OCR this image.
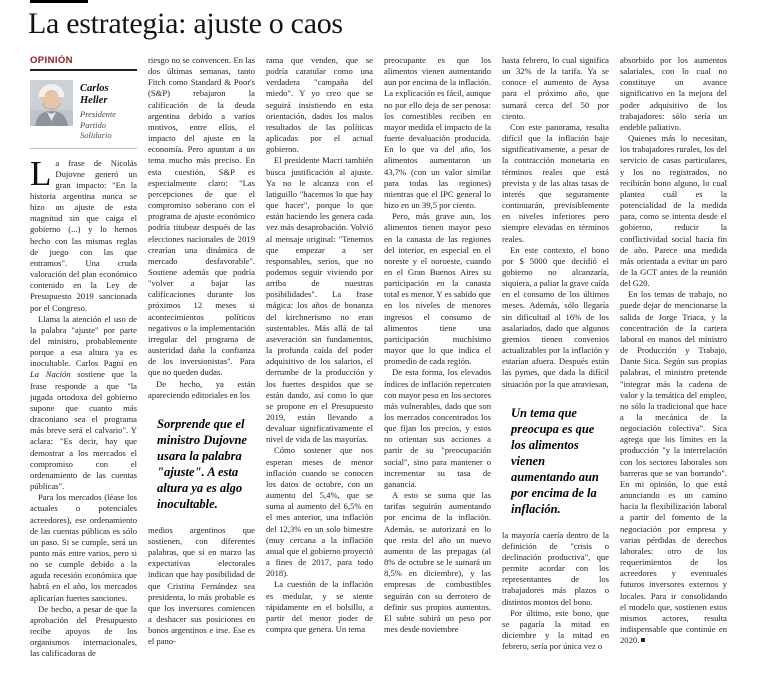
La estrategia: ajuste o caos
OPINIÓN
Carlos Heller
Presidente
Partido Solidario

La frase de Nicolás Dujovne generó un gran impacto: "En la historia argentina nunca se hizo un ajuste de esta magnitud sin que caiga el gobierno (...) y lo hemos hecho con las mismas reglas de juego con las que entramos". Una cruda valoración del plan económico contenido en la Ley de Presupuesto 2019 sancionada por el Congreso.

Llama la atención el uso de la palabra "ajuste" por parte del ministro, probablemente porque a esa altura ya es inocultable. Carlos Pagni en La Nación sostiene que la frase responde a que "la jugada ortodoxa del gobierno supone que cuanto más draconiano sea el programa más breve será el calvario". Y aclara: "Es decir, hay que demostrar a los mercados el compromiso con el ordenamiento de las cuentas públicas".

Para los mercados (léase los actuales o potenciales acreedores), ese ordenamiento de las cuentas públicas es sólo un paso. Si se cumple, será un punto más entre varios, pero si no se cumple debido a la aguda recesión económica que habrá en el año, los mercados aplicarían fuertes sanciones.

De hecho, a pesar de que la aprobación del Presupuesto recibe apoyos de los organismos internacionales, las calificadoras de

riesgo no se convencen. En las dos últimas semanas, tanto Fitch como Standard & Poor's (S&P) rebajaron la calificación de la deuda argentina debido a varios motivos, entre ellos, el impacto del ajuste en la economía. Pero apuntan a un tema mucho más preciso. En esta cuestión, S&P es especialmente claro: "Las percepciones de que el compromiso soberano con el programa de ajuste económico podría titubear después de las elecciones nacionales de 2019 crearían una dinámica de mercado desfavorable". Sostiene además que podría "volver a bajar las calificaciones durante los próximos 12 meses si acontecimientos políticos negativos o la implementación irregular del programa de austeridad daña la confianza de los inversionistas". Para que no queden dudas.

De hecho, ya están apareciendo editoriales en los

Sorprende que el ministro Dujovne usara la palabra "ajuste". A esta altura ya es algo inocultable.

medios argentinos que sostienen, con diferentes palabras, que si en marzo las expectativas electorales indican que hay posibilidad de que Cristina Fernández sea presidenta, lo más probable es que los inversores comiencen a deshacer sus posiciones en bonos argentinos e irse. Ese es el pano-

rama que venden, que se podría caratular como una verdadera "campaña del miedo". Y yo creo que se seguirá insistiendo en esta orientación, dados los malos resultados de las políticas aplicadas por el actual gobierno.

El presidente Macri también busca justificación al ajuste. Ya no le alcanza con el latiguillo "hacemos lo que hay que hacer", porque lo que están haciendo les genera cada vez más desaprobación. Volvió al mensaje original: "Tenemos que empezar a ser responsables, serios, que no podemos seguir viviendo por arriba de nuestras posibilidades". La frase mágica: los años de bonanza del kirchnerismo no eran sustentables. Más allá de tal aseveración sin fundamentos, la profunda caída del poder adquisitivo de los salarios, el derrumbe de la producción y los fuertes despidos que se están dando, así como lo que se propone en el Presupuesto 2019, están llevando a devaluar significativamente el nivel de vida de las mayorías.

Cómo sostener que nos esperan meses de menor inflación cuando se conocen los datos de octubre, con un aumento del 5,4%, que se suma al aumento del 6,5% en el mes anterior, una inflación del 12,3% en un solo bimestre (muy cercana a la inflación anual que el gobierno proyectó a fines de 2017, para todo 2018).

La cuestión de la inflación es medular, y se siente rápidamente en el bolsillo, a partir del menor poder de compra que genera. Un tema

preocupante es que los alimentos vienen aumentando aun por encima de la inflación. La explicación es fácil, aunque no por ello deja de ser penosa: los comestibles reciben en mayor medida el impacto de la fuerte devaluación producida. En lo que va del año, los alimentos aumentaron un 43,7% (con un valor similar para todas las regiones) mientras que el IPC general lo hizo en un 39,5 por ciento.

Pero, más grave aun, los alimentos tienen mayor peso en la canasta de las regiones del interior, en especial en el noreste y el noroeste, cuando en el Gran Buenos Aires su participación en la canasta total es menor. Y es sabido que en los niveles de menores ingresos el consumo de alimentos tiene una participación muchísimo mayor que lo que indica el promedio de cada región.

De esta forma, los elevados índices de inflación repercuten con mayor peso en los sectores más vulnerables, dado que son los mercados concentrados los que fijan los precios, y estos no orientan sus acciones a partir de su "preocupación social", sino para mantener o incrementar su tasa de ganancia.

A esto se suma que las tarifas seguirán aumentando por encima de la inflación. Además, se autorizará en lo que resta del año un nuevo aumento de las prepagas (al 8% de octubre se le sumará un 8,5% en diciembre), y las empresas de combustibles seguirán con su derrotero de definir sus propios aumentos. El subte subirá un peso por mes desde noviembre

hasta febrero, lo cual significa un 32% de la tarifa. Ya se conoce el aumento de Aysa para el próximo año, que sumará cerca del 50 por ciento.

Con este panorama, resulta difícil que la inflación baje significativamente, a pesar de la contracción monetaria en términos reales que está prevista y de las altas tasas de interés que seguramente continuarán, previsiblemente en niveles inferiores pero siempre elevadas en términos reales.

En este contexto, el bono por $ 5000 que decidió el gobierno no alcanzaría, siquiera, a paliar la grave caída en el consumo de los últimos meses. Además, sólo llegaría sin dificultad al 16% de los asalariados, dado que algunos gremios tienen convenios actualizables por la inflación y estarían afuera. Después están las pymes, que dada la difícil situación por la que atraviesan,

Un tema que preocupa es que los alimentos vienen aumentando aun por encima de la inflación.

la mayoría caería dentro de la definición de "crisis o declinación productiva", que permite acordar con los representantes de los trabajadores más plazos o distintos montos del bono.

Por último, este bono, que se pagaría la mitad en diciembre y la mitad en febrero, sería por única vez o

absorbido por los aumentos salariales, con lo cual no constituye un avance significativo en la mejora del poder adquisitivo de los trabajadores: sólo sería un endeble paliativo.

Quienes más lo necesitan, los trabajadores rurales, los del servicio de casas particulares, y los no registrados, no recibirán bono alguno, lo cual plantea cuál es la potencialidad de la medida para, como se intenta desde el gobierno, reducir la conflictividad social hacia fin de año. Parece una medida más orientada a evitar un paro de la GCT antes de la reunión del G20.

En los temas de trabajo, no puede dejar de mencionarse la salida de Jorge Triaca, y la concentración de la cartera laboral en manos del ministro de Producción y Trabajo, Dante Sica. Según sus propias palabras, el ministro pretende "integrar más la cadena de valor y la temática del empleo, no sólo la tradicional que hace a la mecánica de la negociación colectiva". Sica agrega que los límites en la producción "y la interrelación con los sectores laborales son barreras que se van borrando". En mi opinión, lo que está anunciando es un camino hacia la flexibilización laboral a partir del fomento de la negociación por empresa y varias pérdidas de derechos laborales: otro de los requerimientos de los acreedores y eventuales futuros inversores externos y locales. Para ir consolidando el modelo que, sostienen estos mismos actores, resulta indispensable que continúe en 2020.
